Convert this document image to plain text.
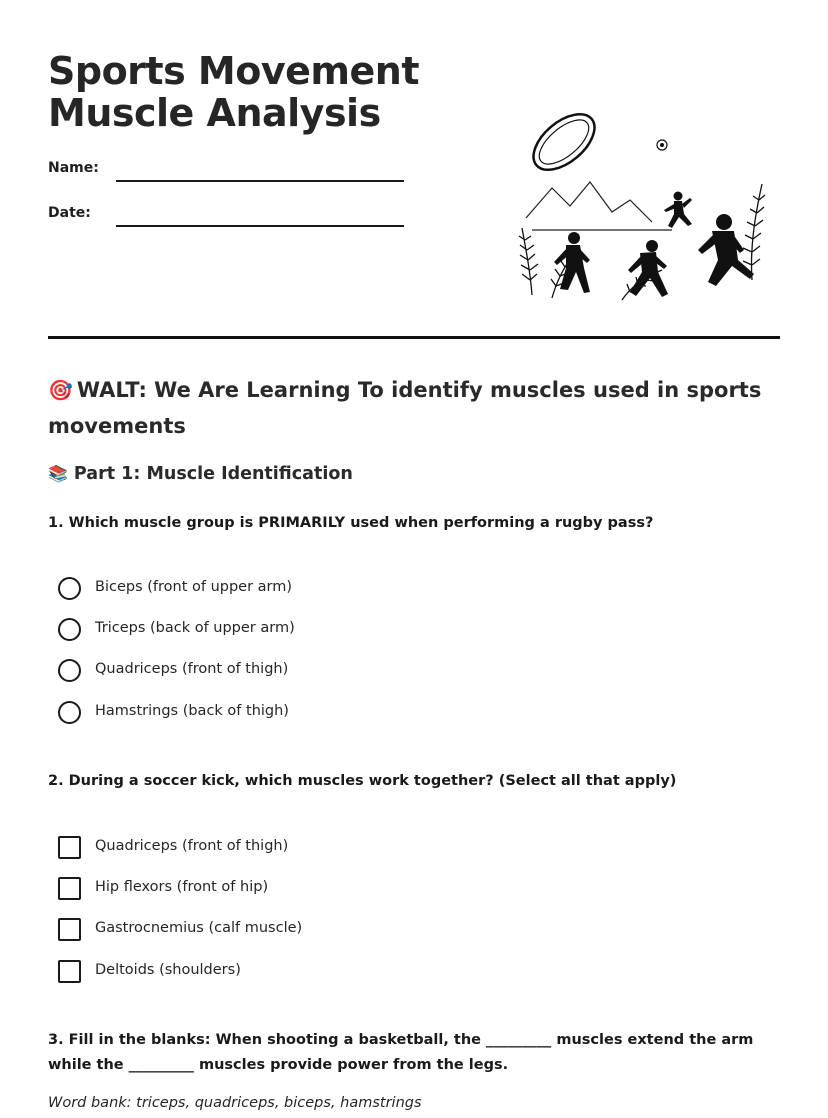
Sports Movement
Muscle Analysis
Name:
Date:
🎯 WALT: We Are Learning To identify muscles used in sports movements
📚 Part 1: Muscle Identification
1. Which muscle group is PRIMARILY used when performing a rugby pass?
Biceps (front of upper arm)
Triceps (back of upper arm)
Quadriceps (front of thigh)
Hamstrings (back of thigh)
2. During a soccer kick, which muscles work together? (Select all that apply)
Quadriceps (front of thigh)
Hip flexors (front of hip)
Gastrocnemius (calf muscle)
Deltoids (shoulders)
3. Fill in the blanks: When shooting a basketball, the _________ muscles extend the arm while the _________ muscles provide power from the legs.
Word bank: triceps, quadriceps, biceps, hamstrings
